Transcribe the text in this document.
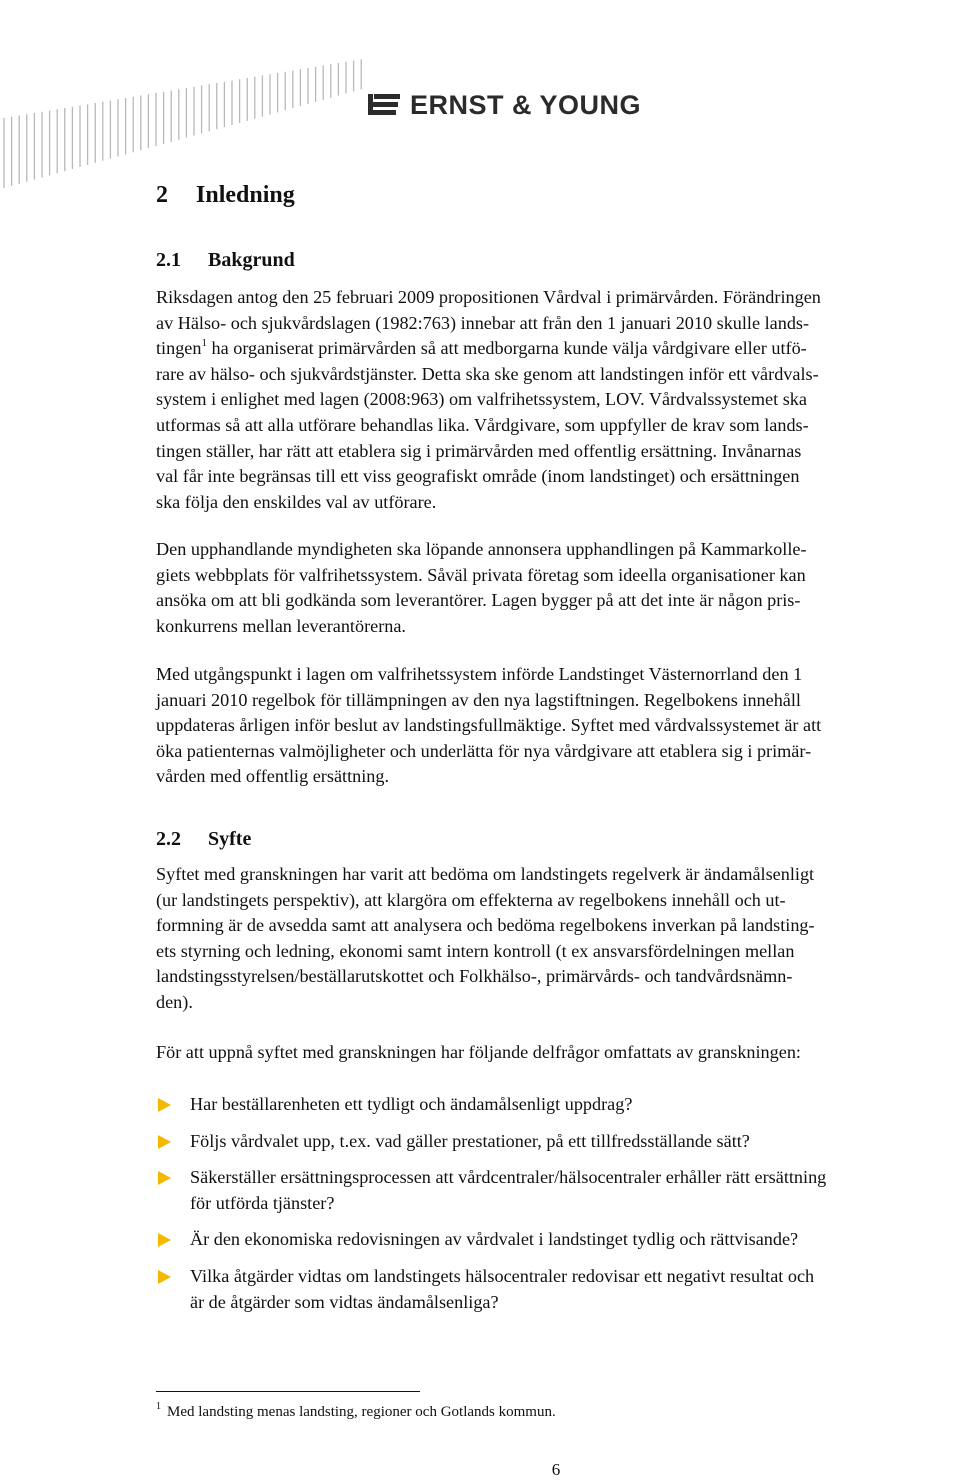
ERNST & YOUNG
2 Inledning
2.1 Bakgrund

Riksdagen antog den 25 februari 2009 propositionen Vårdval i primärvården. Förändringen
av Hälso- och sjukvårdslagen (1982:763) innebar att från den 1 januari 2010 skulle lands-
tingen$^1$ ha organiserat primärvården så att medborgarna kunde välja vårdgivare eller utfö-
rare av hälso- och sjukvårdstjänster. Detta ska ske genom att landstingen inför ett vårdvals-
system i enlighet med lagen (2008:963) om valfrihetssystem, LOV. Vårdvalssystemet ska
utformas så att alla utförare behandlas lika. Vårdgivare, som uppfyller de krav som lands-
tingen ställer, har rätt att etablera sig i primärvården med offentlig ersättning. Invånarnas
val får inte begränsas till ett viss geografiskt område (inom landstinget) och ersättningen
ska följa den enskildes val av utförare.

Den upphandlande myndigheten ska löpande annonsera upphandlingen på Kammarkolle-
giets webbplats för valfrihetssystem. Såväl privata företag som ideella organisationer kan
ansöka om att bli godkända som leverantörer. Lagen bygger på att det inte är någon pris-
konkurrens mellan leverantörerna.

Med utgångspunkt i lagen om valfrihetssystem införde Landstinget Västernorrland den 1
januari 2010 regelbok för tillämpningen av den nya lagstiftningen. Regelbokens innehåll
uppdateras årligen inför beslut av landstingsfullmäktige. Syftet med vårdvalssystemet är att
öka patienternas valmöjligheter och underlätta för nya vårdgivare att etablera sig i primär-
vården med offentlig ersättning.

2.2 Syfte

Syftet med granskningen har varit att bedöma om landstingets regelverk är ändamålsenligt
(ur landstingets perspektiv), att klargöra om effekterna av regelbokens innehåll och ut-
formning är de avsedda samt att analysera och bedöma regelbokens inverkan på landsting-
ets styrning och ledning, ekonomi samt intern kontroll (t ex ansvarsfördelningen mellan
landstingsstyrelsen/beställarutskottet och Folkhälso-, primärvårds- och tandvårdsnämn-
den).

För att uppnå syftet med granskningen har följande delfrågor omfattats av granskningen:

Har beställarenheten ett tydligt och ändamålsenligt uppdrag?
Följs vårdvalet upp, t.ex. vad gäller prestationer, på ett tillfredsställande sätt?
Säkerställer ersättningsprocessen att vårdcentraler/hälsocentraler erhåller rätt ersättning
för utförda tjänster?
Är den ekonomiska redovisningen av vårdvalet i landstinget tydlig och rättvisande?
Vilka åtgärder vidtas om landstingets hälsocentraler redovisar ett negativt resultat och
är de åtgärder som vidtas ändamålsenliga?
$^1$ Med landsting menas landsting, regioner och Gotlands kommun.
6
